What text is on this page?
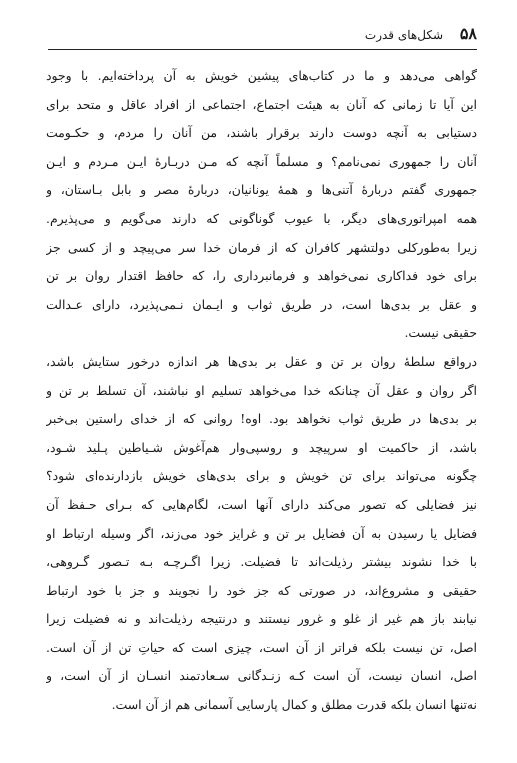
۵۸
شکل‌های قدرت
گواهی می‌دهد و ما در کتاب‌های پیشین خویش به آن پرداخته‌ایم. با وجود
این آیا تا زمانی که آنان به هیئت اجتماع، اجتماعی از افراد عاقل و متحد برای
دستیابی به آنچه دوست دارند برقرار باشند، من آنان را مردم، و حکـومت
آنان را جمهوری نمی‌نامم؟ و مسلماً آنچه که مـن دربـارهٔ ایـن مـردم و ایـن
جمهوری گفتم دربارهٔ آتنی‌ها و همهٔ یونانیان، دربارهٔ مصر و بابل بـاستان، و
همه امپراتوری‌های دیگر، با عیوب گوناگونی که دارند می‌گویم و می‌پذیرم.
زیرا به‌طورکلی دولتشهر کافران که از فرمان خدا سر می‌پیچد و از کسی جز
برای خود فداکاری نمی‌خواهد و فرمانبرداری را، که حافظ اقتدار روان بر تن
و عقل بر بدی‌ها است، در طریق ثواب و ایـمان نـمی‌پذیرد، دارای عـدالت
حقیقی نیست.
درواقع سلطهٔ روان بر تن و عقل بر بدی‌ها هر اندازه درخور ستایش باشد،
اگر روان و عقل آن چنانکه خدا می‌خواهد تسلیم او نباشند، آن تسلط بر تن و
بر بدی‌ها در طریق ثواب نخواهد بود. اوه! روانی که از خدای راستین بی‌خبر
باشد، از حاکمیت او سرپیچد و روسپی‌وار هم‌آغوش شـیاطین پـلید شـود،
چگونه می‌تواند برای تن خویش و برای بدی‌های خویش بازدارنده‌ای شود؟
نیز فضایلی که تصور می‌کند دارای آنها است، لگام‌هایی که بـرای حـفظ آن
فضایل یا رسیدن به آن فضایل بر تن و غرایز خود می‌زند، اگر وسیله ارتباط او
با خدا نشوند بیشتر رذیلت‌اند تا فضیلت. زیرا اگـرچـه بـه تـصور گـروهی،
حقیقی و مشروع‌اند، در صورتی که جز خود را نجویند و جز با خود ارتباط
نیابند باز هم غیر از غلو و غرور نیستند و درنتیجه رذیلت‌اند و نه فضیلت زیرا
اصل، تن نیست بلکه فراتر از آن است، چیزی است که حیاتِ تن از آن است.
اصل، انسان نیست، آن است کـه زنـدگانی سـعادتمند انسـان از آن است، و
نه‌تنها انسان بلکه قدرت مطلق و کمال پارسایی آسمانی هم از آن است.
